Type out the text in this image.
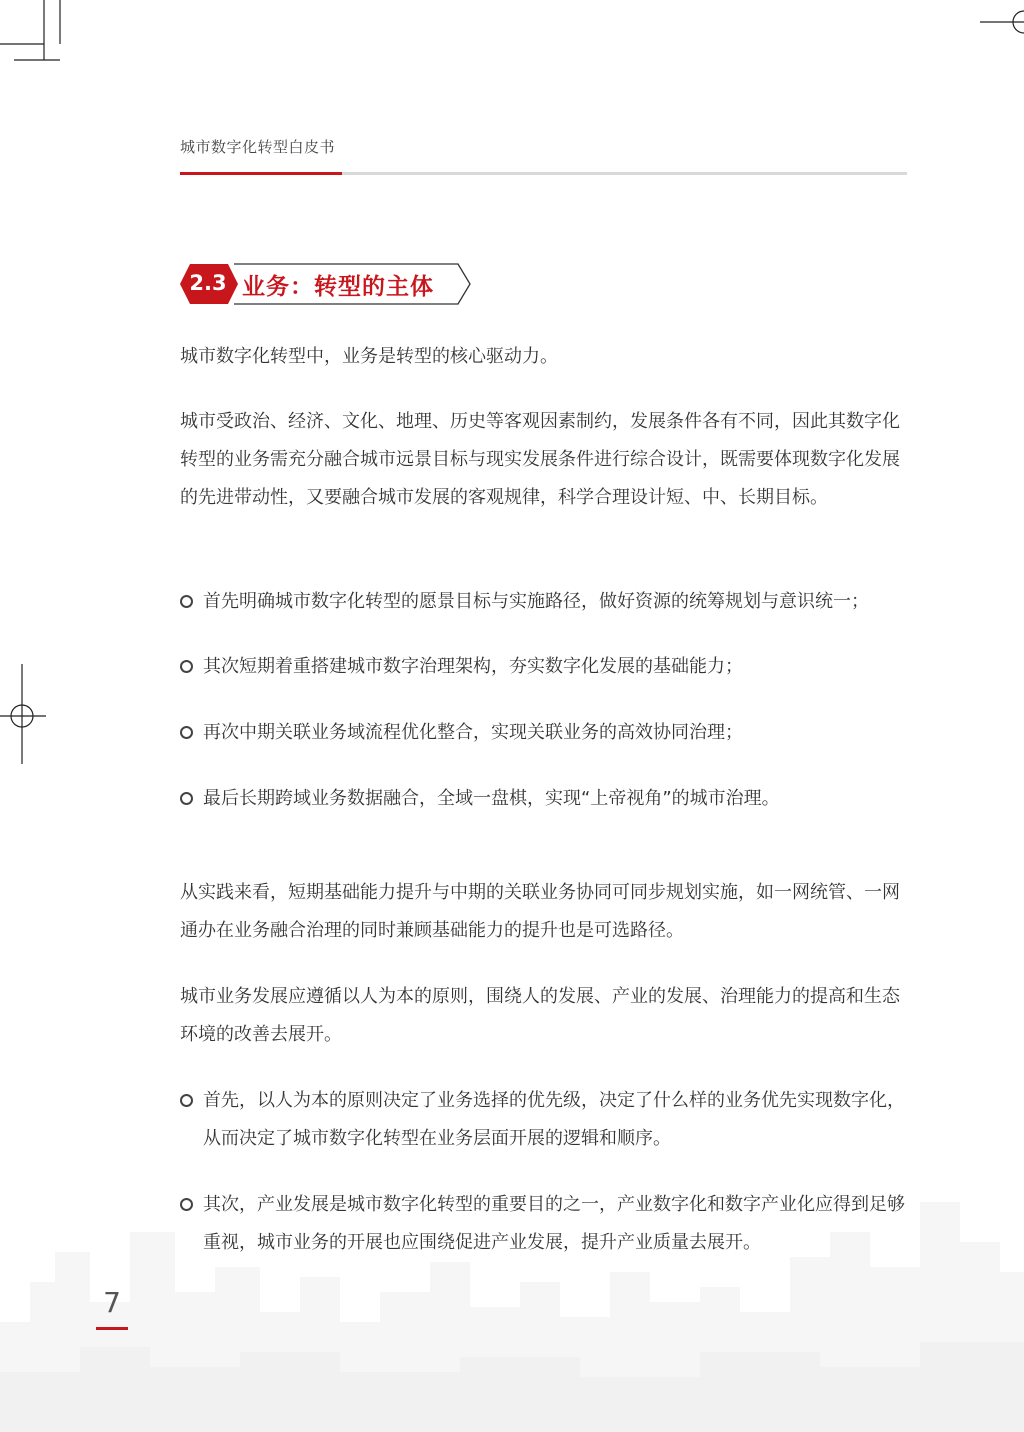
城市数字化转型白皮书
2.3 业务：转型的主体

城市数字化转型中，业务是转型的核心驱动力。

城市受政治、经济、文化、地理、历史等客观因素制约，发展条件各有不同，因此其数字化转型的业务需充分融合城市远景目标与现实发展条件进行综合设计，既需要体现数字化发展的先进带动性，又要融合城市发展的客观规律，科学合理设计短、中、长期目标。

首先明确城市数字化转型的愿景目标与实施路径，做好资源的统筹规划与意识统一；
其次短期着重搭建城市数字治理架构，夯实数字化发展的基础能力；
再次中期关联业务域流程优化整合，实现关联业务的高效协同治理；
最后长期跨域业务数据融合，全域一盘棋，实现“上帝视角”的城市治理。

从实践来看，短期基础能力提升与中期的关联业务协同可同步规划实施，如一网统管、一网通办在业务融合治理的同时兼顾基础能力的提升也是可选路径。

城市业务发展应遵循以人为本的原则，围绕人的发展、产业的发展、治理能力的提高和生态环境的改善去展开。

首先，以人为本的原则决定了业务选择的优先级，决定了什么样的业务优先实现数字化，从而决定了城市数字化转型在业务层面开展的逻辑和顺序。
其次，产业发展是城市数字化转型的重要目的之一，产业数字化和数字产业化应得到足够重视，城市业务的开展也应围绕促进产业发展，提升产业质量去展开。
7
